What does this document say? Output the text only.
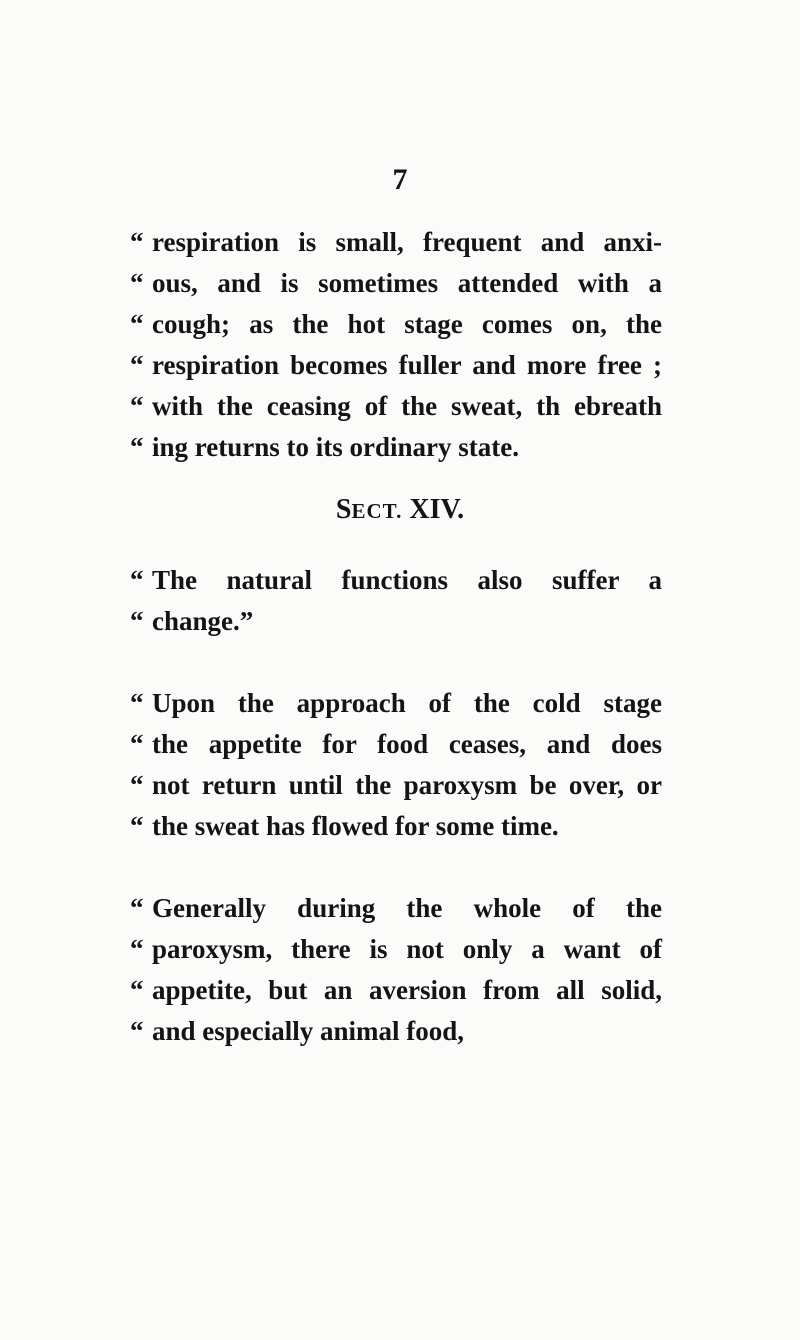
7
“ respiration is small, frequent and anxi-
“ ous, and is sometimes attended with a
“ cough; as the hot stage comes on, the
“ respiration becomes fuller and more free ;
“ with the ceasing of the sweat, th ebreath
“ ing returns to its ordinary state.
SECT. XIV.
“ The natural functions also suffer a
“ change.”
“ Upon the approach of the cold stage
“ the appetite for food ceases, and does
“ not return until the paroxysm be over, or
“ the sweat has flowed for some time.
“ Generally during the whole of the
“ paroxysm, there is not only a want of
“ appetite, but an aversion from all solid,
“ and especially animal food,
